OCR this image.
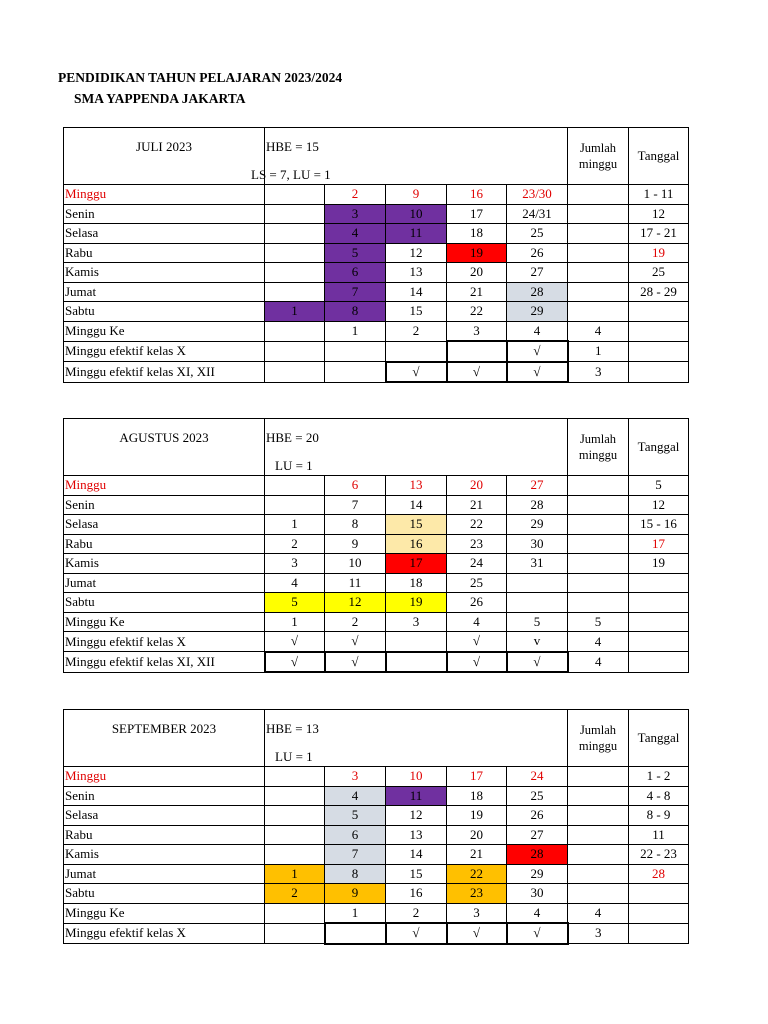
PENDIDIKAN TAHUN PELAJARAN 2023/2024
SMA YAPPENDA JAKARTA
JULI 2023	HBE = 15					Jumlah
minggu	Tanggal
	LS = 7, LU = 1						
Minggu		2	9	16	23/30		1 - 11
Senin		3	10	17	24/31		12
Selasa		4	11	18	25		17 - 21
Rabu		5	12	19	26		19
Kamis		6	13	20	27		25
Jumat		7	14	21	28		28 - 29
Sabtu	1	8	15	22	29		
Minggu Ke		1	2	3	4	4	
Minggu efektif kelas X					√	1	
Minggu efektif kelas XI, XII			√	√	√	3	
AGUSTUS 2023	HBE = 20					Jumlah
minggu	Tanggal
	LU = 1						
Minggu		6	13	20	27		5
Senin		7	14	21	28		12
Selasa	1	8	15	22	29		15 - 16
Rabu	2	9	16	23	30		17
Kamis	3	10	17	24	31		19
Jumat	4	11	18	25			
Sabtu	5	12	19	26			
Minggu Ke	1	2	3	4	5	5	
Minggu efektif kelas X	√	√		√	v	4	
Minggu efektif kelas XI, XII	√	√		√	√	4	
SEPTEMBER 2023	HBE = 13					Jumlah
minggu	Tanggal
	LU = 1						
Minggu		3	10	17	24		1 - 2
Senin		4	11	18	25		4 - 8
Selasa		5	12	19	26		8 - 9
Rabu		6	13	20	27		11
Kamis		7	14	21	28		22 - 23
Jumat	1	8	15	22	29		28
Sabtu	2	9	16	23	30		
Minggu Ke		1	2	3	4	4	
Minggu efektif kelas X			√	√	√	3	
